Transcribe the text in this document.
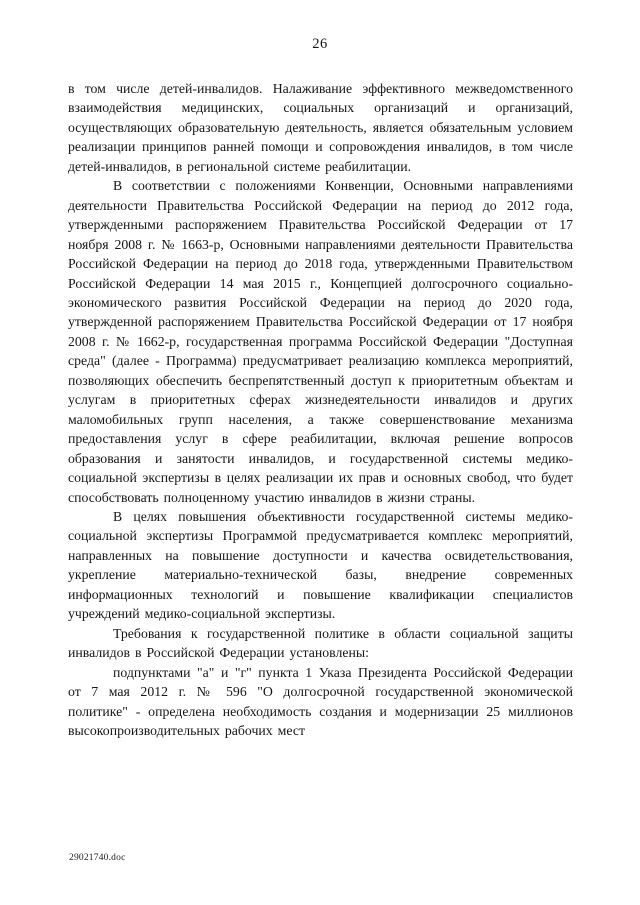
26

в том числе детей-инвалидов. Налаживание эффективного межведомственного взаимодействия медицинских, социальных организаций и организаций, осуществляющих образовательную деятельность, является обязательным условием реализации принципов ранней помощи и сопровождения инвалидов, в том числе детей-инвалидов, в региональной системе реабилитации.

В соответствии с положениями Конвенции, Основными направлениями деятельности Правительства Российской Федерации на период до 2012 года, утвержденными распоряжением Правительства Российской Федерации от 17 ноября 2008 г. № 1663-р, Основными направлениями деятельности Правительства Российской Федерации на период до 2018 года, утвержденными Правительством Российской Федерации 14 мая 2015 г., Концепцией долгосрочного социально-экономического развития Российской Федерации на период до 2020 года, утвержденной распоряжением Правительства Российской Федерации от 17 ноября 2008 г. № 1662-р, государственная программа Российской Федерации "Доступная среда" (далее - Программа) предусматривает реализацию комплекса мероприятий, позволяющих обеспечить беспрепятственный доступ к приоритетным объектам и услугам в приоритетных сферах жизнедеятельности инвалидов и других маломобильных групп населения, а также совершенствование механизма предоставления услуг в сфере реабилитации, включая решение вопросов образования и занятости инвалидов, и государственной системы медико-социальной экспертизы в целях реализации их прав и основных свобод, что будет способствовать полноценному участию инвалидов в жизни страны.

В целях повышения объективности государственной системы медико-социальной экспертизы Программой предусматривается комплекс мероприятий, направленных на повышение доступности и качества освидетельствования, укрепление материально-технической базы, внедрение современных информационных технологий и повышение квалификации специалистов учреждений медико-социальной экспертизы.

Требования к государственной политике в области социальной защиты инвалидов в Российской Федерации установлены:

подпунктами "а" и "г" пункта 1 Указа Президента Российской Федерации от 7 мая 2012 г. № 596 "О долгосрочной государственной экономической политике" - определена необходимость создания и модернизации 25 миллионов высокопроизводительных рабочих мест

29021740.doc
